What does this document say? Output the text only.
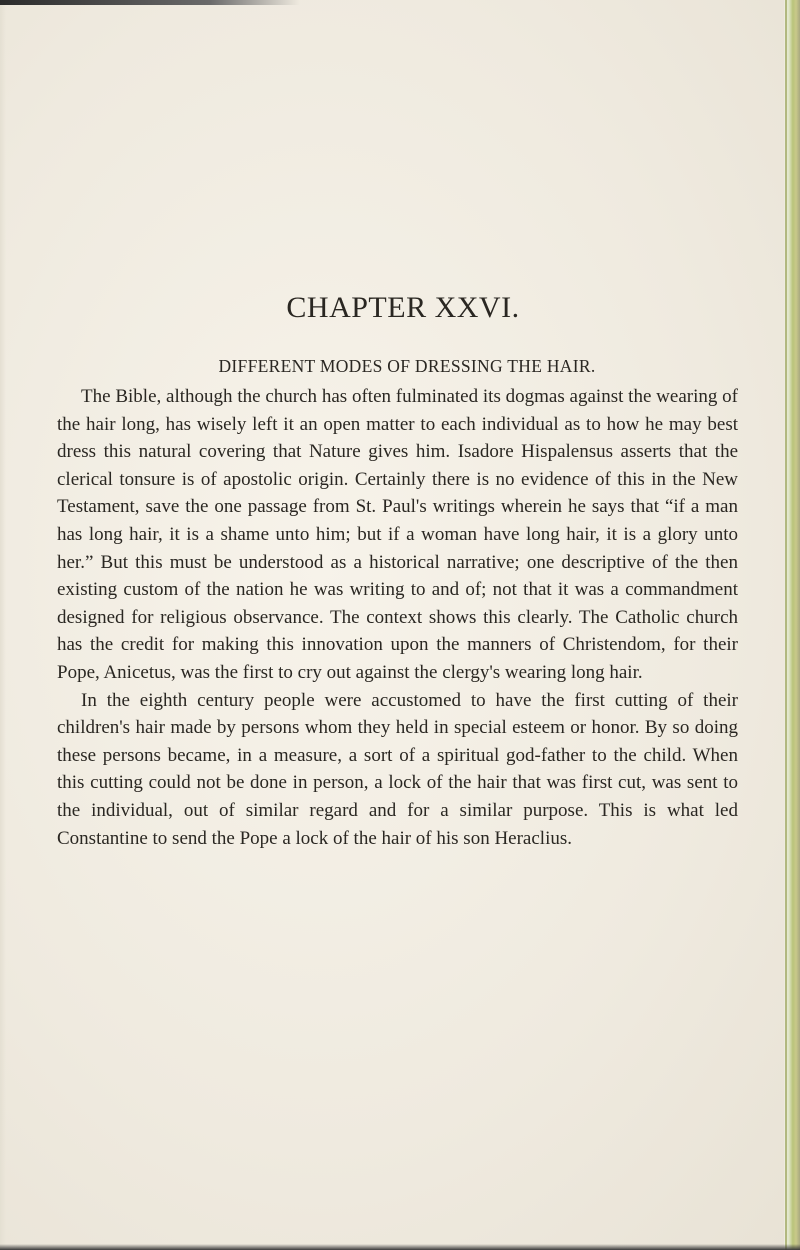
CHAPTER XXVI.
DIFFERENT MODES OF DRESSING THE HAIR.

The Bible, although the church has often fulminated its dogmas against the wearing of the hair long, has wisely left it an open matter to each individual as to how he may best dress this natural covering that Nature gives him. Isadore Hispalensus asserts that the clerical tonsure is of apostolic origin. Certainly there is no evidence of this in the New Testament, save the one passage from St. Paul's writings wherein he says that “if a man has long hair, it is a shame unto him; but if a woman have long hair, it is a glory unto her.” But this must be understood as a historical narrative; one descriptive of the then existing custom of the nation he was writing to and of; not that it was a commandment designed for religious observance. The context shows this clearly. The Catholic church has the credit for making this innovation upon the manners of Christendom, for their Pope, Anicetus, was the first to cry out against the clergy's wearing long hair.

In the eighth century people were accustomed to have the first cutting of their children's hair made by persons whom they held in special esteem or honor. By so doing these persons became, in a measure, a sort of a spiritual god-father to the child. When this cutting could not be done in person, a lock of the hair that was first cut, was sent to the individual, out of similar regard and for a similar purpose. This is what led Constantine to send the Pope a lock of the hair of his son Heraclius.
